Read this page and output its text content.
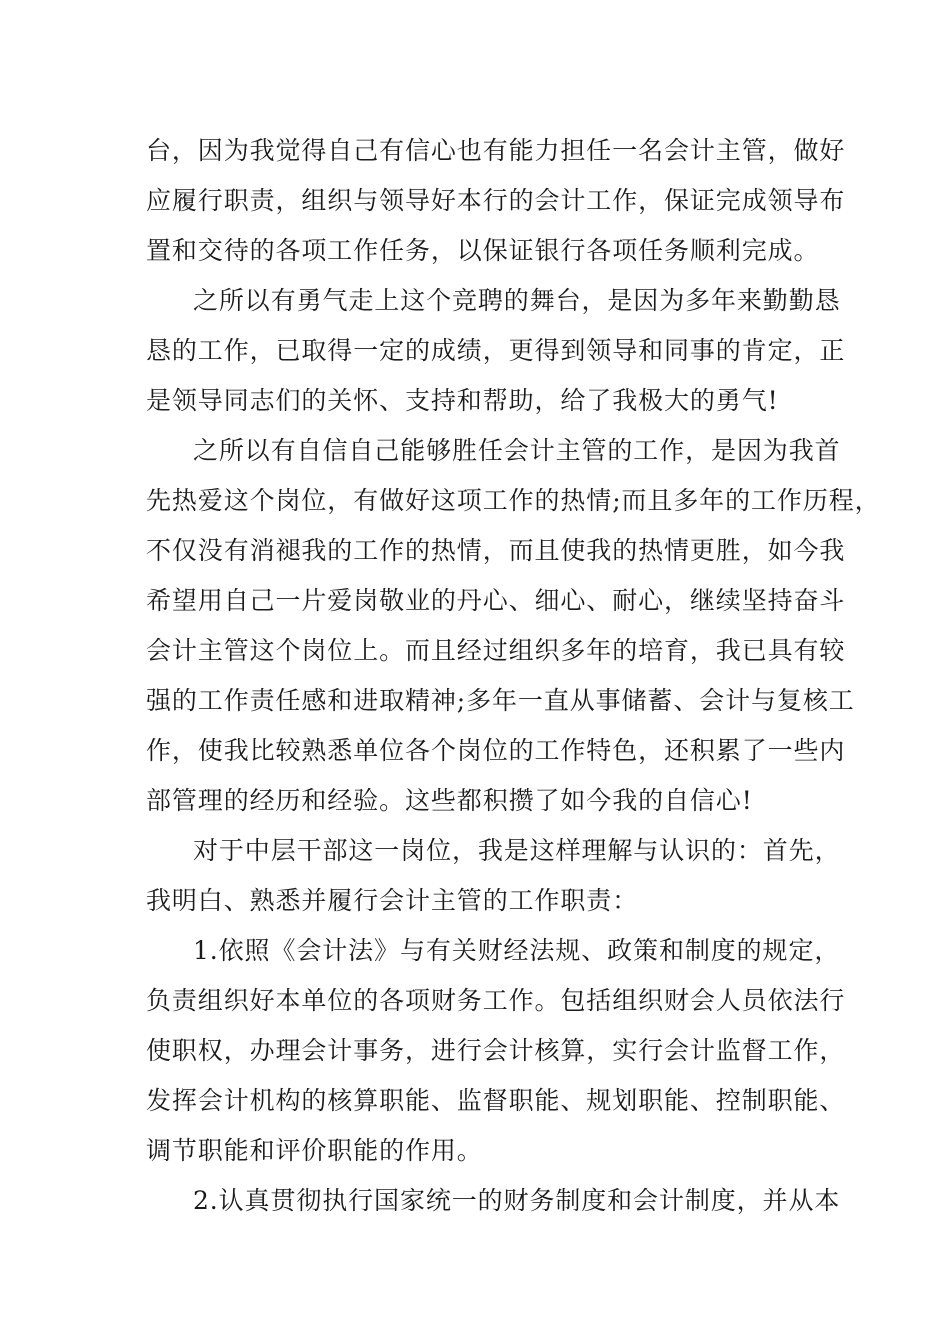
台，因为我觉得自己有信心也有能力担任一名会计主管，做好
应履行职责，组织与领导好本行的会计工作，保证完成领导布
置和交待的各项工作任务，以保证银行各项任务顺利完成。
之所以有勇气走上这个竞聘的舞台，是因为多年来勤勤恳
恳的工作，已取得一定的成绩，更得到领导和同事的肯定，正
是领导同志们的关怀、支持和帮助，给了我极大的勇气!
之所以有自信自己能够胜任会计主管的工作，是因为我首
先热爱这个岗位，有做好这项工作的热情;而且多年的工作历程，
不仅没有消褪我的工作的热情，而且使我的热情更胜，如今我
希望用自己一片爱岗敬业的丹心、细心、耐心，继续坚持奋斗
会计主管这个岗位上。而且经过组织多年的培育，我已具有较
强的工作责任感和进取精神;多年一直从事储蓄、会计与复核工
作，使我比较熟悉单位各个岗位的工作特色，还积累了一些内
部管理的经历和经验。这些都积攒了如今我的自信心!
对于中层干部这一岗位，我是这样理解与认识的：首先，
我明白、熟悉并履行会计主管的工作职责：
1.依照《会计法》与有关财经法规、政策和制度的规定，
负责组织好本单位的各项财务工作。包括组织财会人员依法行
使职权，办理会计事务，进行会计核算，实行会计监督工作，
发挥会计机构的核算职能、监督职能、规划职能、控制职能、
调节职能和评价职能的作用。
2.认真贯彻执行国家统一的财务制度和会计制度，并从本
